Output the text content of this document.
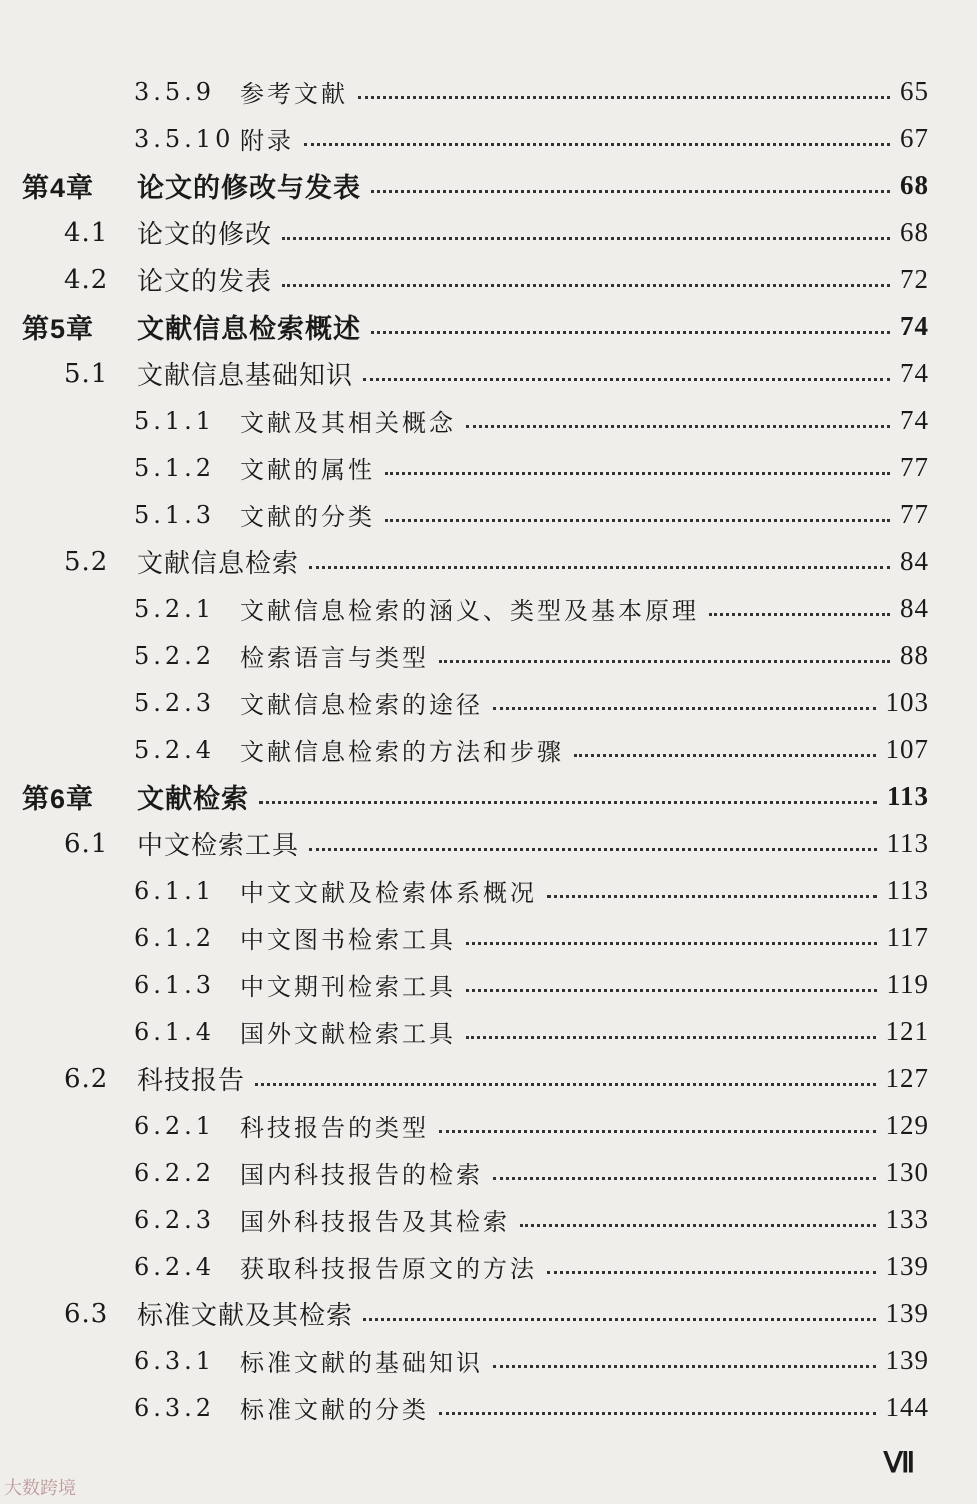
3.5.9 参考文献	65
3.5.10 附录	67
第4章 论文的修改与发表	68
4.1 论文的修改	68
4.2 论文的发表	72
第5章 文献信息检索概述	74
5.1 文献信息基础知识	74
5.1.1 文献及其相关概念	74
5.1.2 文献的属性	77
5.1.3 文献的分类	77
5.2 文献信息检索	84
5.2.1 文献信息检索的涵义、类型及基本原理	84
5.2.2 检索语言与类型	88
5.2.3 文献信息检索的途径	103
5.2.4 文献信息检索的方法和步骤	107
第6章 文献检索	113
6.1 中文检索工具	113
6.1.1 中文文献及检索体系概况	113
6.1.2 中文图书检索工具	117
6.1.3 中文期刊检索工具	119
6.1.4 国外文献检索工具	121
6.2 科技报告	127
6.2.1 科技报告的类型	129
6.2.2 国内科技报告的检索	130
6.2.3 国外科技报告及其检索	133
6.2.4 获取科技报告原文的方法	139
6.3 标准文献及其检索	139
6.3.1 标准文献的基础知识	139
6.3.2 标准文献的分类	144
Ⅶ
大数跨境
